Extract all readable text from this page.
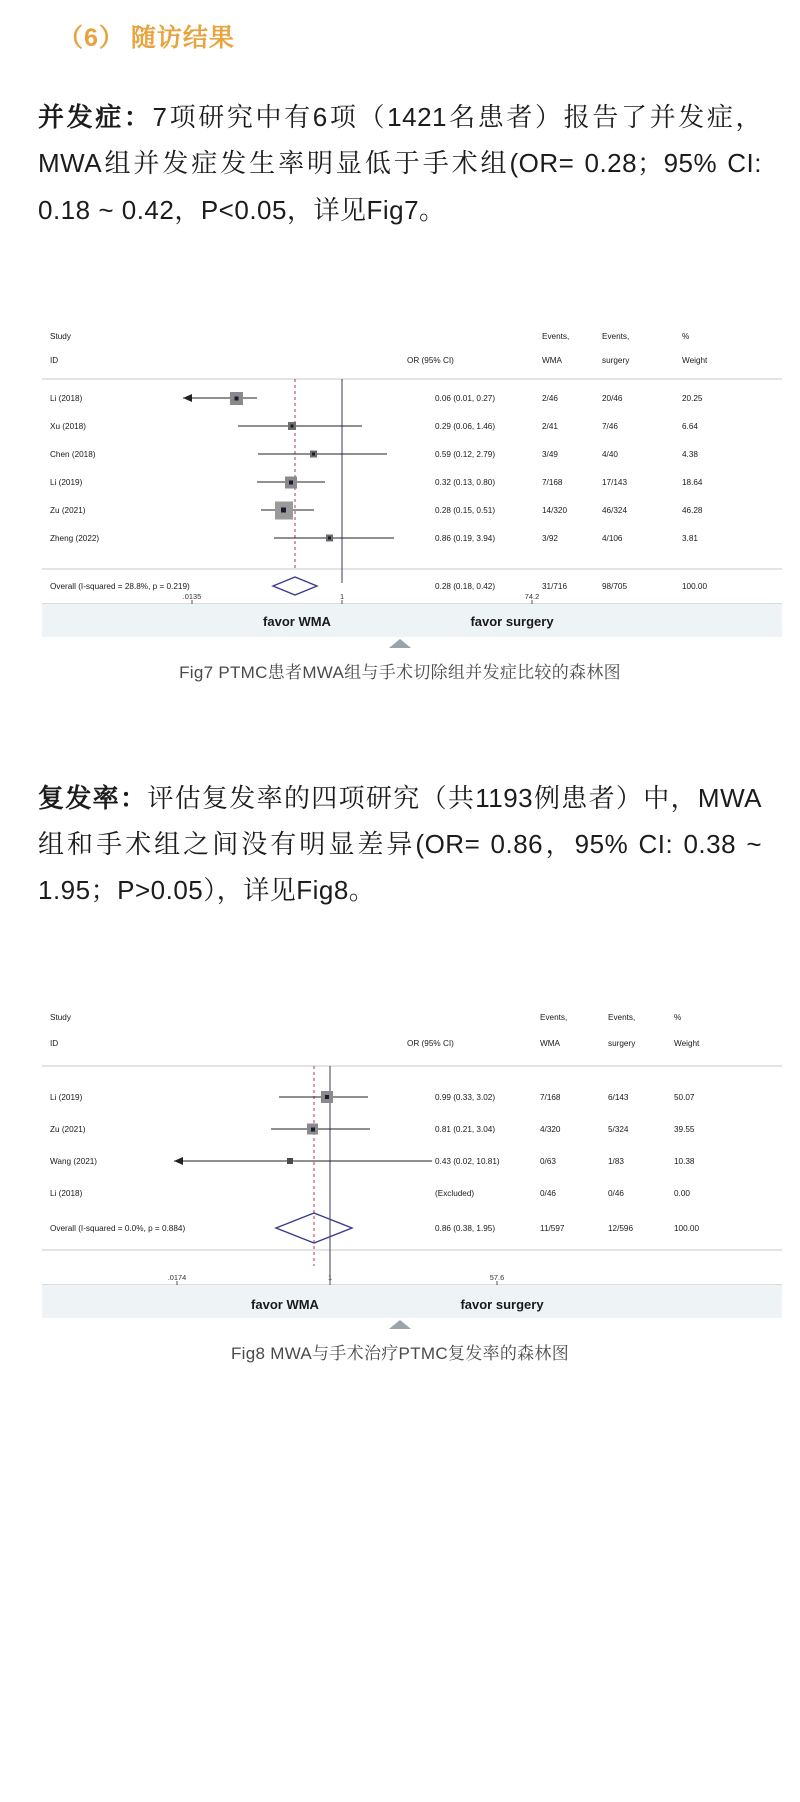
（6） 随访结果

并发症：7项研究中有6项（1421名患者）报告了并发症，MWA组并发症发生率明显低于手术组(OR= 0.28；95% CI: 0.18 ~ 0.42，P<0.05，详见Fig7。

Study
ID	OR (95% CI)
Events,
WMA
Events,
surgery
%
Weight
Li (2018)	0.06 (0.01, 0.27)	2/46	20/46	20.25
Xu (2018)	0.29 (0.06, 1.46)	2/41	7/46	6.64
Chen (2018)	0.59 (0.12, 2.79)	3/49	4/40	4.38
Li (2019)	0.32 (0.13, 0.80)	7/168	17/143	18.64
Zu (2021)	0.28 (0.15, 0.51)	14/320	46/324	46.28
Zheng (2022)	0.86 (0.19, 3.94)	3/92	4/106	3.81
Overall (I-squared = 28.8%, p = 0.219)	0.28 (0.18, 0.42)	31/716	98/705	100.00
.0135	1	74.2
favor WMA	favor surgery
Fig7 PTMC患者MWA组与手术切除组并发症比较的森林图

复发率：评估复发率的四项研究（共1193例患者）中，MWA组和手术组之间没有明显差异(OR= 0.86，95% CI: 0.38 ~ 1.95；P>0.05），详见Fig8。

Study
ID	OR (95% CI)
Events,
WMA
Events,
surgery
%
Weight
Li (2019)	0.99 (0.33, 3.02)	7/168	6/143	50.07
Zu (2021)	0.81 (0.21, 3.04)	4/320	5/324	39.55
Wang (2021)	0.43 (0.02, 10.81)	0/63	1/83	10.38
Li (2018)	(Excluded)	0/46	0/46	0.00
Overall (I-squared = 0.0%, p = 0.884)	0.86 (0.38, 1.95)	11/597	12/596	100.00
.0174	1	57.6
favor WMA	favor surgery
Fig8 MWA与手术治疗PTMC复发率的森林图
